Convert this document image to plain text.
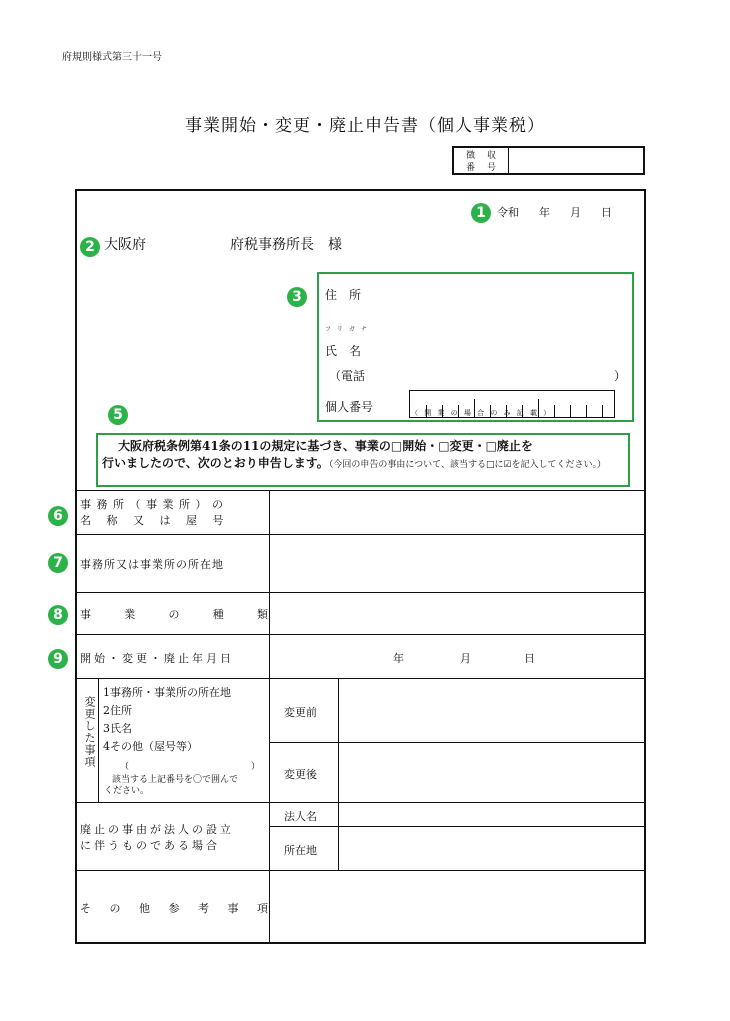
府規則様式第三十一号
事業開始・変更・廃止申告書（個人事業税）
徴 収
番 号
令和 年 月 日
大阪府	府税事務所長 様
住　所
フ リ ガ ナ
氏　名
（電話	）
個人番号	（ 開 業 の 場 合 の み 記 載 ）
大阪府税条例第41条の11の規定に基づき、事業の□開始・□変更・□廃止を
行いましたので、次のとおり申告します。（今回の申告の事由について、該当する□に☑を記入してください。）
事 務 所 （ 事 業 所 ） の
名 称 又 は 屋 号
事務所又は事業所の所在地
事	業	の	種	類
開始・変更・廃止年月日	年	月	日
変更した事項
1事務所・事業所の所在地
2住所
3氏名
4その他（屋号等）
（	）
該当する上記番号を〇で囲んで
ください。
変更前
変更後
廃止の事由が法人の設立
に伴うものである場合
法人名
所在地
そ の 他 参 考 事 項
1
2
3
5
6
7
8
9
